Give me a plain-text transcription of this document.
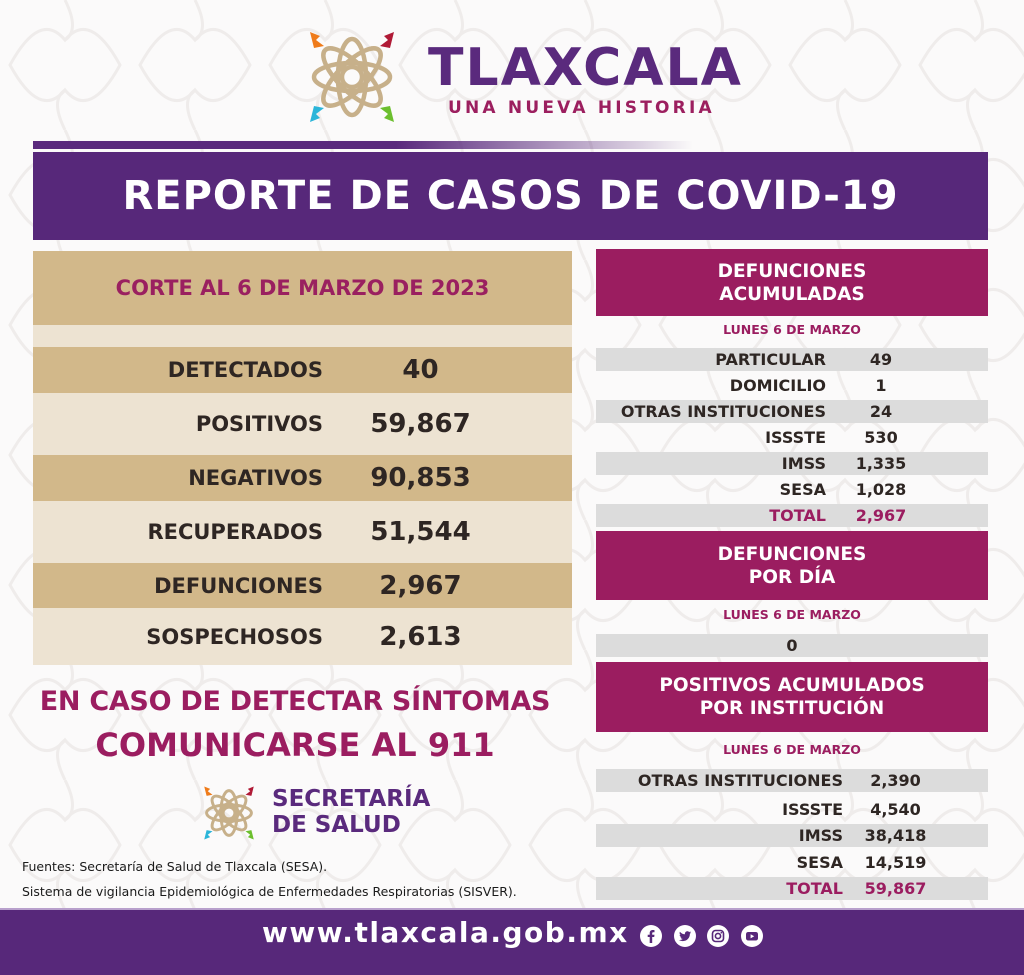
TLAXCALA
UNA NUEVA HISTORIA
REPORTE DE CASOS DE COVID-19
CORTE AL 6 DE MARZO DE 2023
DETECTADOS	40
POSITIVOS	59,867
NEGATIVOS	90,853
RECUPERADOS	51,544
DEFUNCIONES	2,967
SOSPECHOSOS	2,613
DEFUNCIONES
ACUMULADAS
LUNES 6 DE MARZO
PARTICULAR	49
DOMICILIO	1
OTRAS INSTITUCIONES	24
ISSSTE	530
IMSS	1,335
SESA	1,028
TOTAL	2,967
DEFUNCIONES
POR DÍA
LUNES 6 DE MARZO
0
POSITIVOS ACUMULADOS
POR INSTITUCIÓN
LUNES 6 DE MARZO
OTRAS INSTITUCIONES	2,390
ISSSTE	4,540
IMSS	38,418
SESA	14,519
TOTAL	59,867
EN CASO DE DETECTAR SÍNTOMAS
COMUNICARSE AL 911
SECRETARÍA
DE SALUD
Fuentes: Secretaría de Salud de Tlaxcala (SESA).
Sistema de vigilancia Epidemiológica de Enfermedades Respiratorias (SISVER).
www.tlaxcala.gob.mx
